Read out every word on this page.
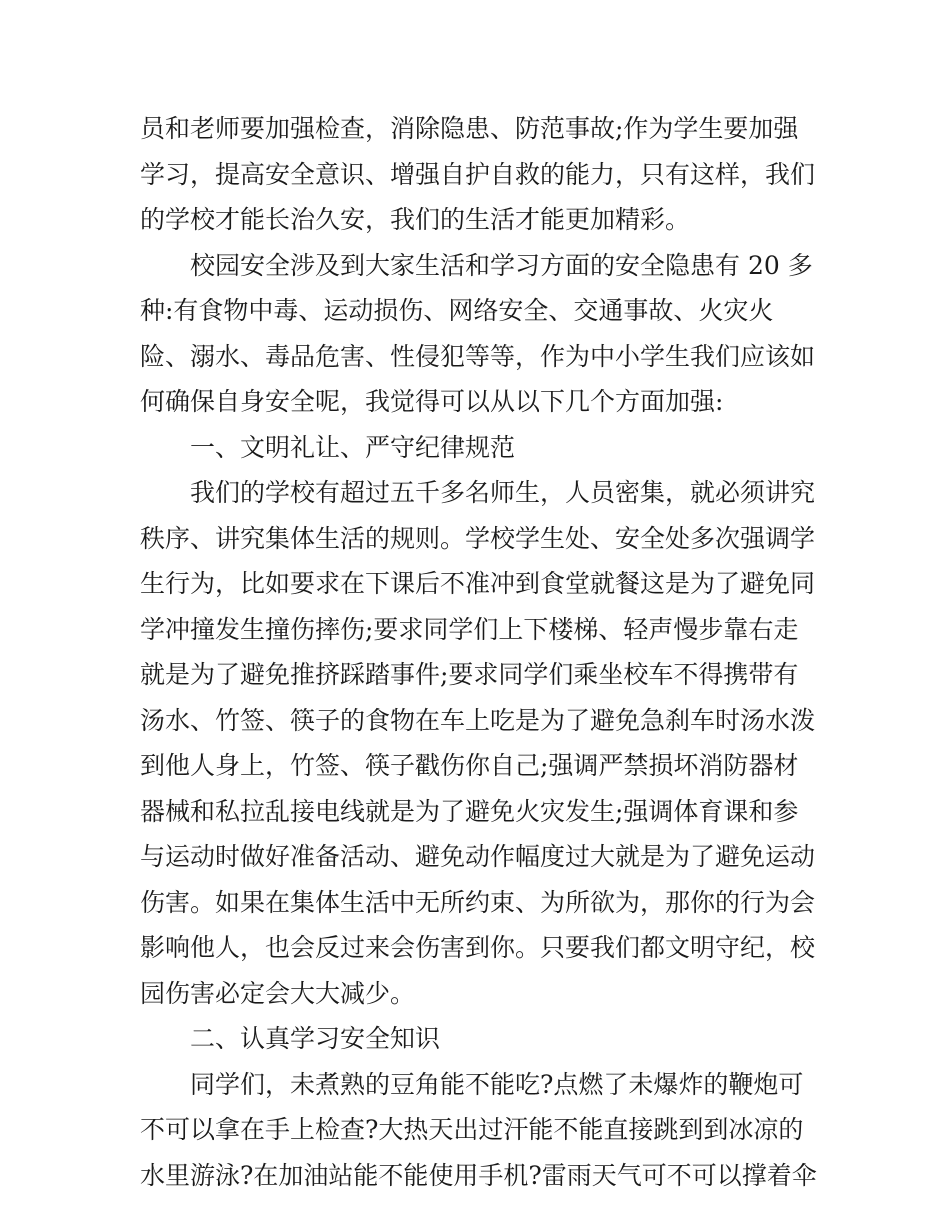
员和老师要加强检查，消除隐患、防范事故;作为学生要加强
学习，提高安全意识、增强自护自救的能力，只有这样，我们
的学校才能长治久安，我们的生活才能更加精彩。
校园安全涉及到大家生活和学习方面的安全隐患有 20 多
种:有食物中毒、运动损伤、网络安全、交通事故、火灾火
险、溺水、毒品危害、性侵犯等等，作为中小学生我们应该如
何确保自身安全呢，我觉得可以从以下几个方面加强:
一、文明礼让、严守纪律规范
我们的学校有超过五千多名师生，人员密集，就必须讲究
秩序、讲究集体生活的规则。学校学生处、安全处多次强调学
生行为，比如要求在下课后不准冲到食堂就餐这是为了避免同
学冲撞发生撞伤摔伤;要求同学们上下楼梯、轻声慢步靠右走
就是为了避免推挤踩踏事件;要求同学们乘坐校车不得携带有
汤水、竹签、筷子的食物在车上吃是为了避免急刹车时汤水泼
到他人身上，竹签、筷子戳伤你自己;强调严禁损坏消防器材
器械和私拉乱接电线就是为了避免火灾发生;强调体育课和参
与运动时做好准备活动、避免动作幅度过大就是为了避免运动
伤害。如果在集体生活中无所约束、为所欲为，那你的行为会
影响他人，也会反过来会伤害到你。只要我们都文明守纪，校
园伤害必定会大大减少。
二、认真学习安全知识
同学们，未煮熟的豆角能不能吃?点燃了未爆炸的鞭炮可
不可以拿在手上检查?大热天出过汗能不能直接跳到到冰凉的
水里游泳?在加油站能不能使用手机?雷雨天气可不可以撑着伞
